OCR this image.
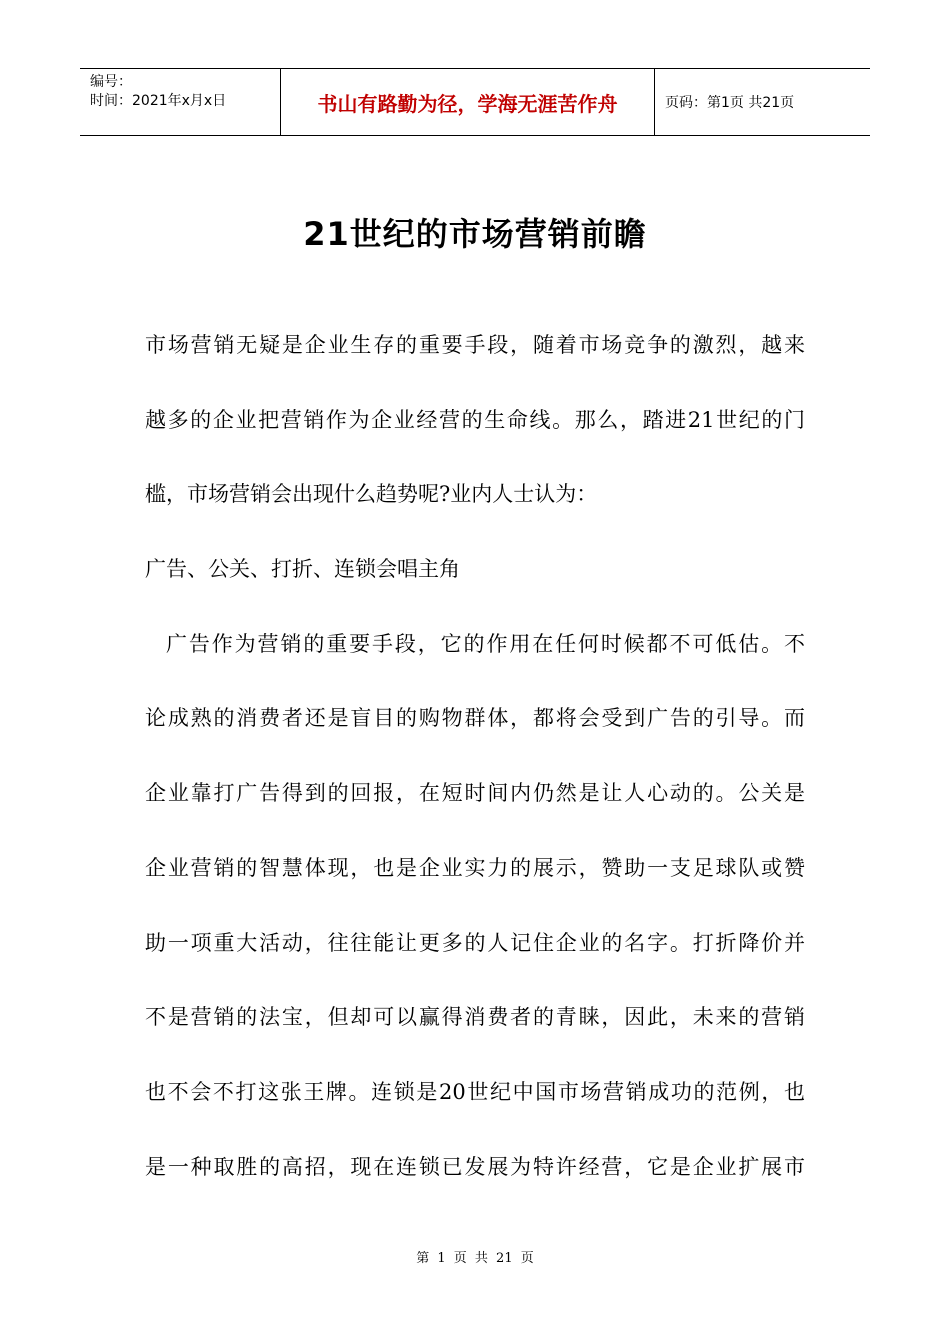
编号：
时间：2021年x月x日	书山有路勤为径，学海无涯苦作舟	页码：第1页 共21页
21世纪的市场营销前瞻
市场营销无疑是企业生存的重要手段，随着市场竞争的激烈，越来
越多的企业把营销作为企业经营的生命线。那么，踏进21世纪的门
槛，市场营销会出现什么趋势呢?业内人士认为：
广告、公关、打折、连锁会唱主角
广告作为营销的重要手段，它的作用在任何时候都不可低估。不
论成熟的消费者还是盲目的购物群体，都将会受到广告的引导。而
企业靠打广告得到的回报，在短时间内仍然是让人心动的。公关是
企业营销的智慧体现，也是企业实力的展示，赞助一支足球队或赞
助一项重大活动，往往能让更多的人记住企业的名字。打折降价并
不是营销的法宝，但却可以赢得消费者的青睐，因此，未来的营销
也不会不打这张王牌。连锁是20世纪中国市场营销成功的范例，也
是一种取胜的高招，现在连锁已发展为特许经营，它是企业扩展市
第 1 页 共 21 页
